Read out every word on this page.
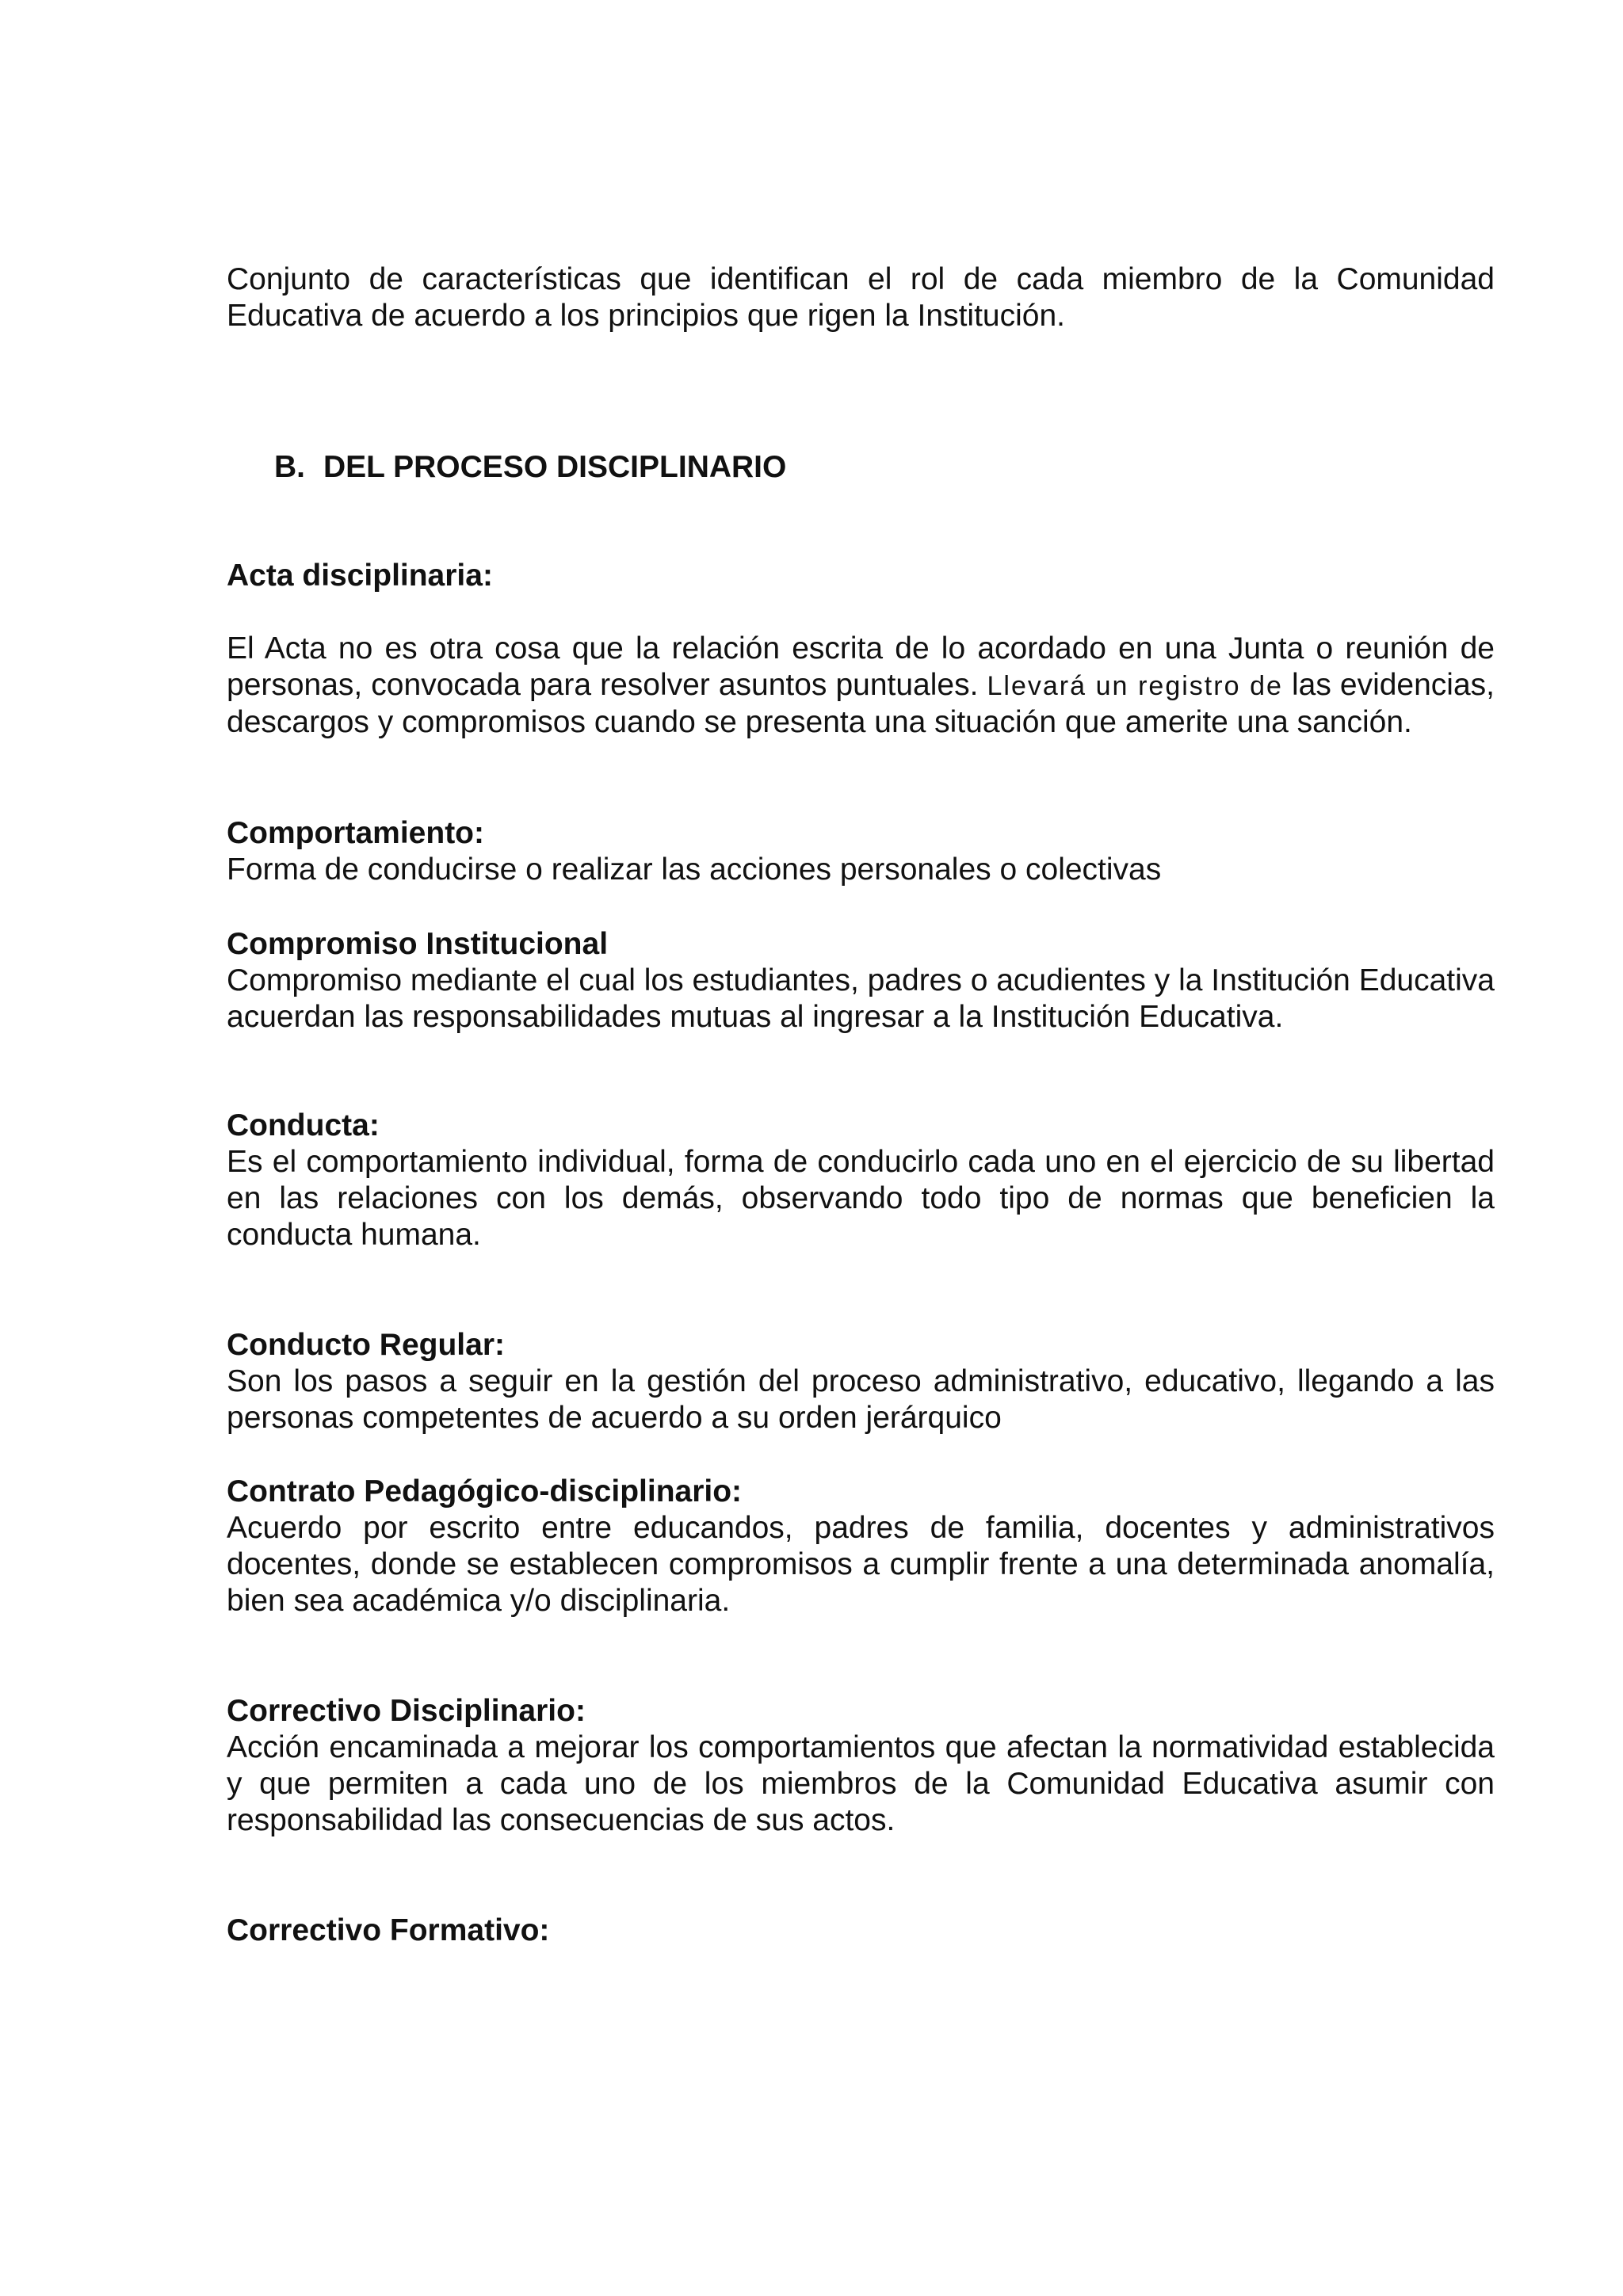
Conjunto de características que identifican el rol de cada miembro de la Comunidad Educativa de acuerdo a los principios que rigen la Institución.

B. DEL PROCESO DISCIPLINARIO
Acta disciplinaria:

El Acta no es otra cosa que la relación escrita de lo acordado en una Junta o reunión de personas, convocada para resolver asuntos puntuales. Llevará un registro de las evidencias, descargos y compromisos cuando se presenta una situación que amerite una sanción.

Comportamiento:

Forma de conducirse o realizar las acciones personales o colectivas

Compromiso Institucional

Compromiso mediante el cual los estudiantes, padres o acudientes y la Institución Educativa acuerdan las responsabilidades mutuas al ingresar a la Institución Educativa.

Conducta:

Es el comportamiento individual, forma de conducirlo cada uno en el ejercicio de su libertad en las relaciones con los demás, observando todo tipo de normas que beneficien la conducta humana.

Conducto Regular:

Son los pasos a seguir en la gestión del proceso administrativo, educativo, llegando a las personas competentes de acuerdo a su orden jerárquico

Contrato Pedagógico-disciplinario:

Acuerdo por escrito entre educandos, padres de familia, docentes y administrativos docentes, donde se establecen compromisos a cumplir frente a una determinada anomalía, bien sea académica y/o disciplinaria.

Correctivo Disciplinario:

Acción encaminada a mejorar los comportamientos que afectan la normatividad establecida y que permiten a cada uno de los miembros de la Comunidad Educativa asumir con responsabilidad las consecuencias de sus actos.

Correctivo Formativo:
